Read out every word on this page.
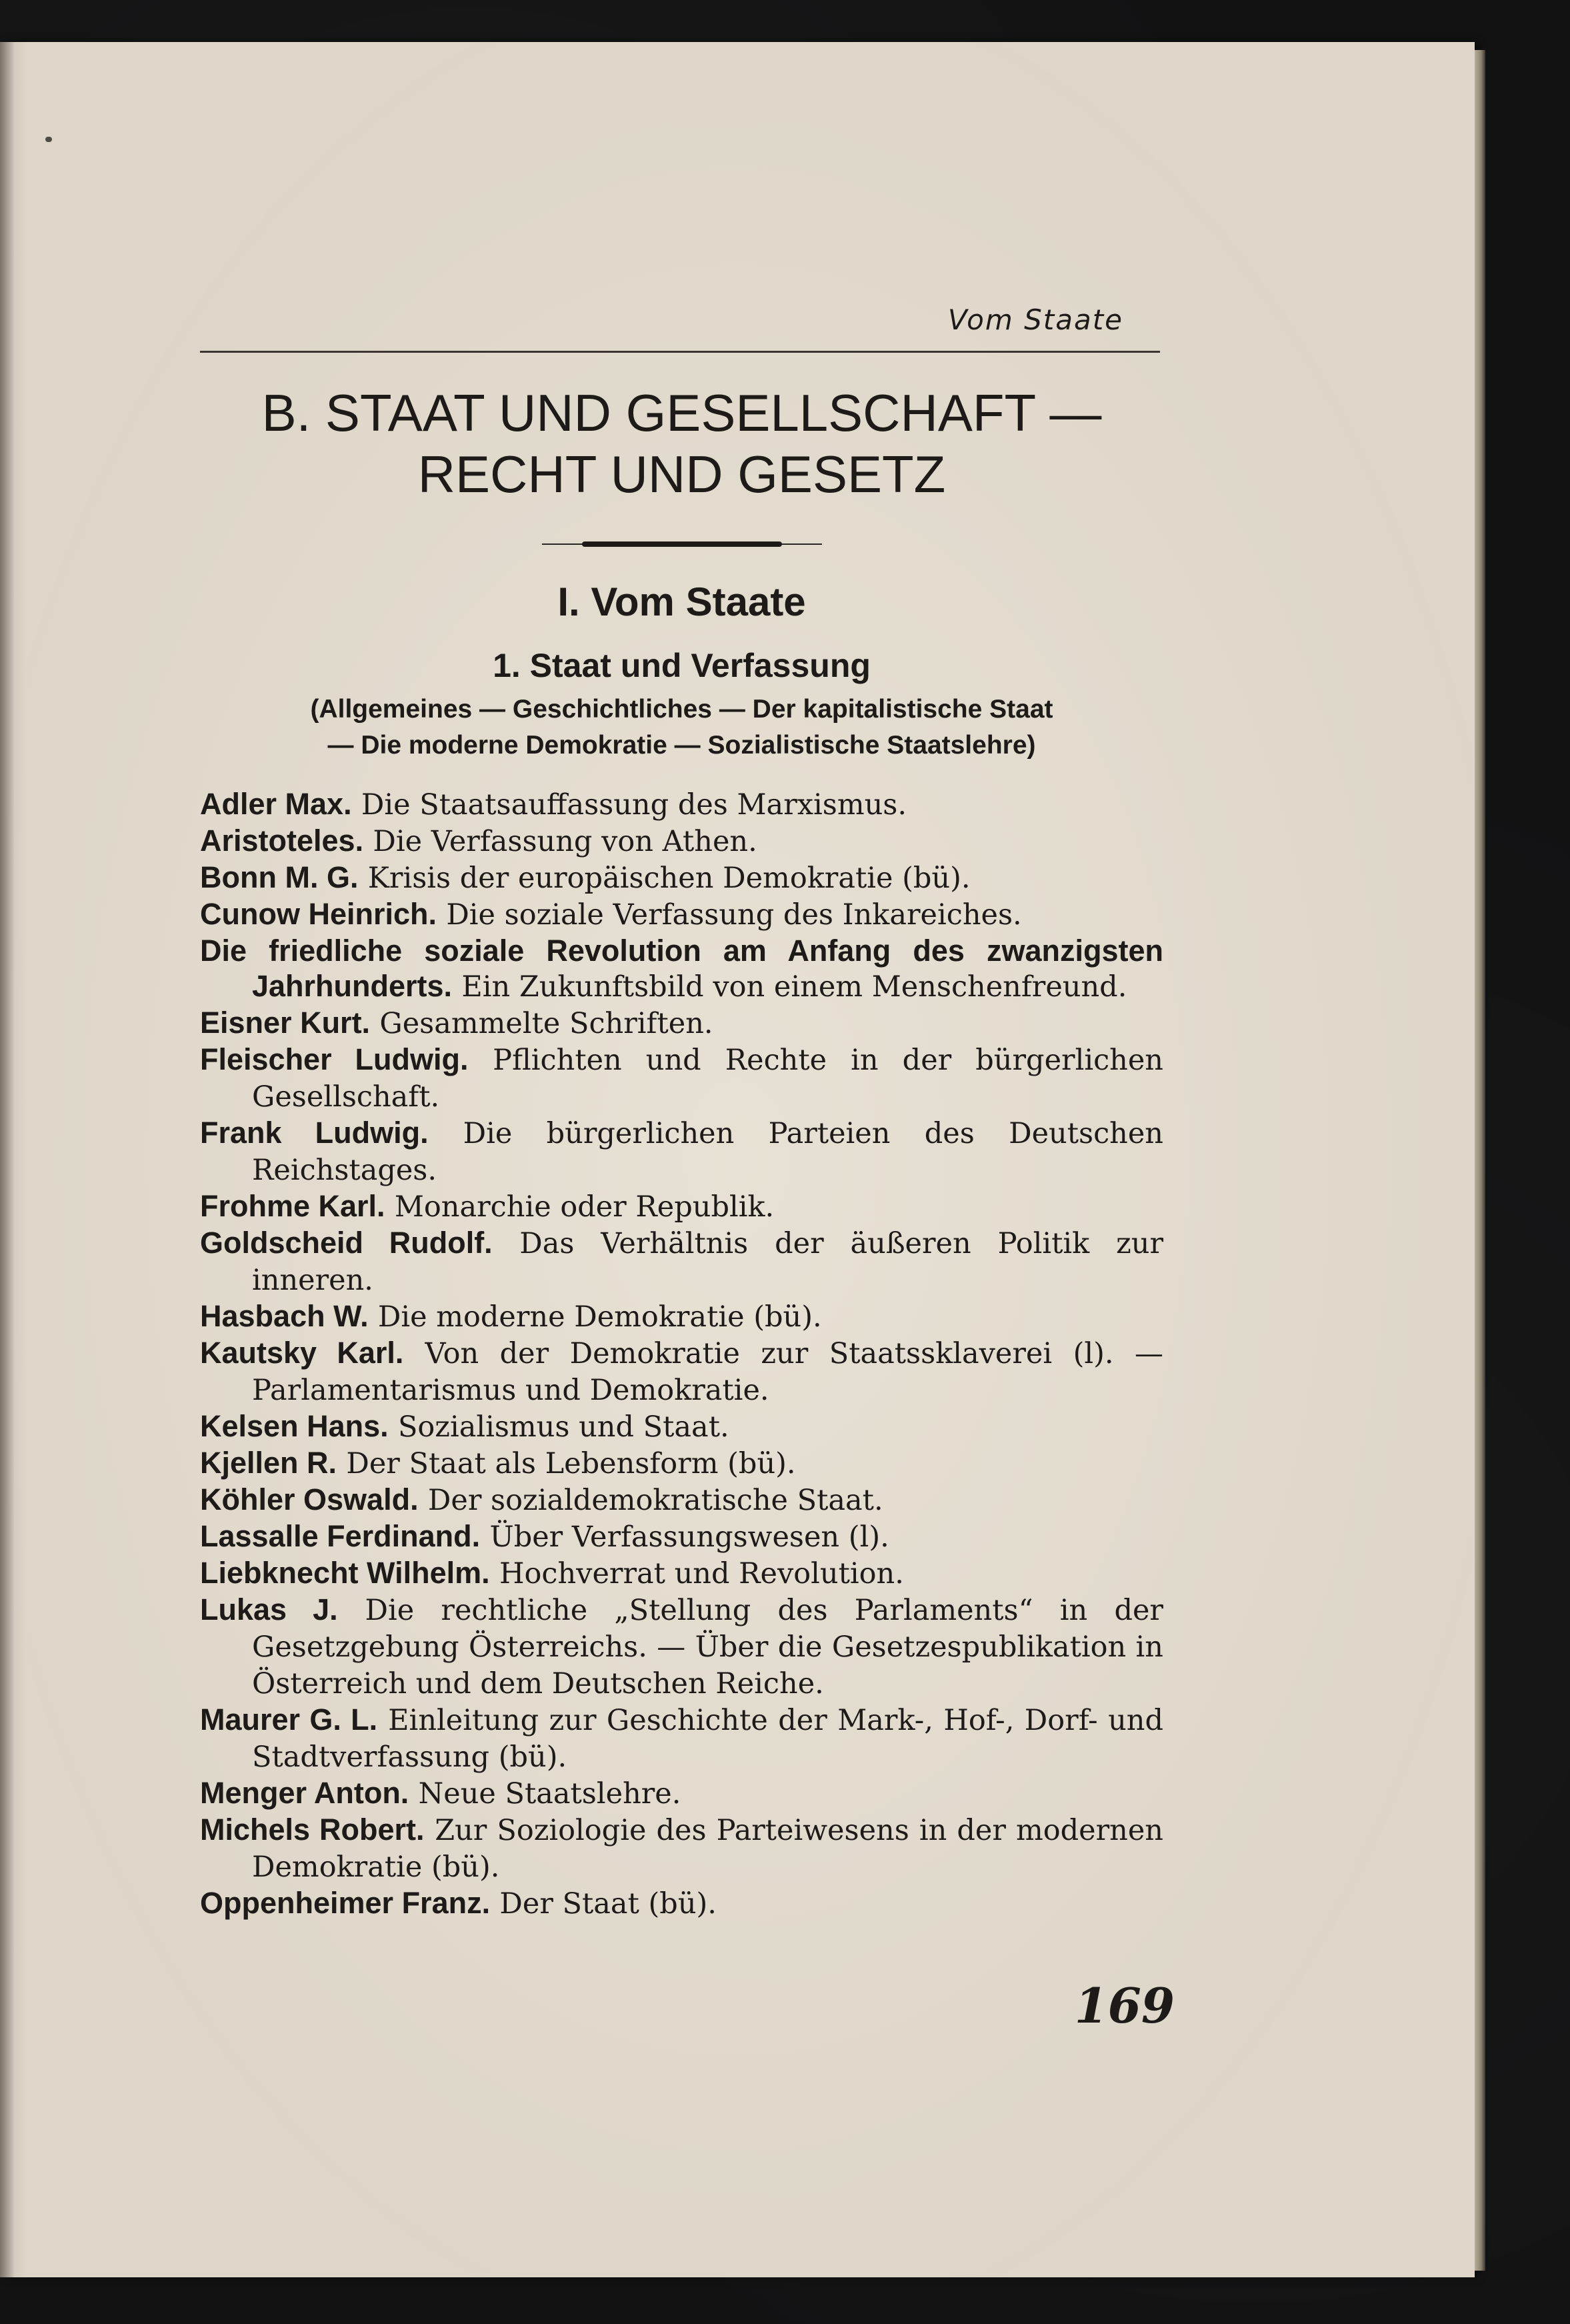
Vom Staate
B. STAAT UND GESELLSCHAFT —
RECHT UND GESETZ
I. Vom Staate
1. Staat und Verfassung
(Allgemeines — Geschichtliches — Der kapitalistische Staat
— Die moderne Demokratie — Sozialistische Staatslehre)
Adler Max. Die Staatsauffassung des Marxismus.
Aristoteles. Die Verfassung von Athen.
Bonn M. G. Krisis der europäischen Demokratie (bü).
Cunow Heinrich. Die soziale Verfassung des Inkareiches.
Die friedliche soziale Revolution am Anfang des zwanzigsten Jahrhunderts. Ein Zukunftsbild von einem Menschenfreund.
Eisner Kurt. Gesammelte Schriften.
Fleischer Ludwig. Pflichten und Rechte in der bürgerlichen Gesellschaft.
Frank Ludwig. Die bürgerlichen Parteien des Deutschen Reichstages.
Frohme Karl. Monarchie oder Republik.
Goldscheid Rudolf. Das Verhältnis der äußeren Politik zur inneren.
Hasbach W. Die moderne Demokratie (bü).
Kautsky Karl. Von der Demokratie zur Staatssklaverei (l). — Parlamentarismus und Demokratie.
Kelsen Hans. Sozialismus und Staat.
Kjellen R. Der Staat als Lebensform (bü).
Köhler Oswald. Der sozialdemokratische Staat.
Lassalle Ferdinand. Über Verfassungswesen (l).
Liebknecht Wilhelm. Hochverrat und Revolution.
Lukas J. Die rechtliche „Stellung des Parlaments“ in der Gesetzgebung Österreichs. — Über die Gesetzespublikation in Österreich und dem Deutschen Reiche.
Maurer G. L. Einleitung zur Geschichte der Mark-, Hof-, Dorf- und Stadtverfassung (bü).
Menger Anton. Neue Staatslehre.
Michels Robert. Zur Soziologie des Parteiwesens in der modernen Demokratie (bü).
Oppenheimer Franz. Der Staat (bü).
169
